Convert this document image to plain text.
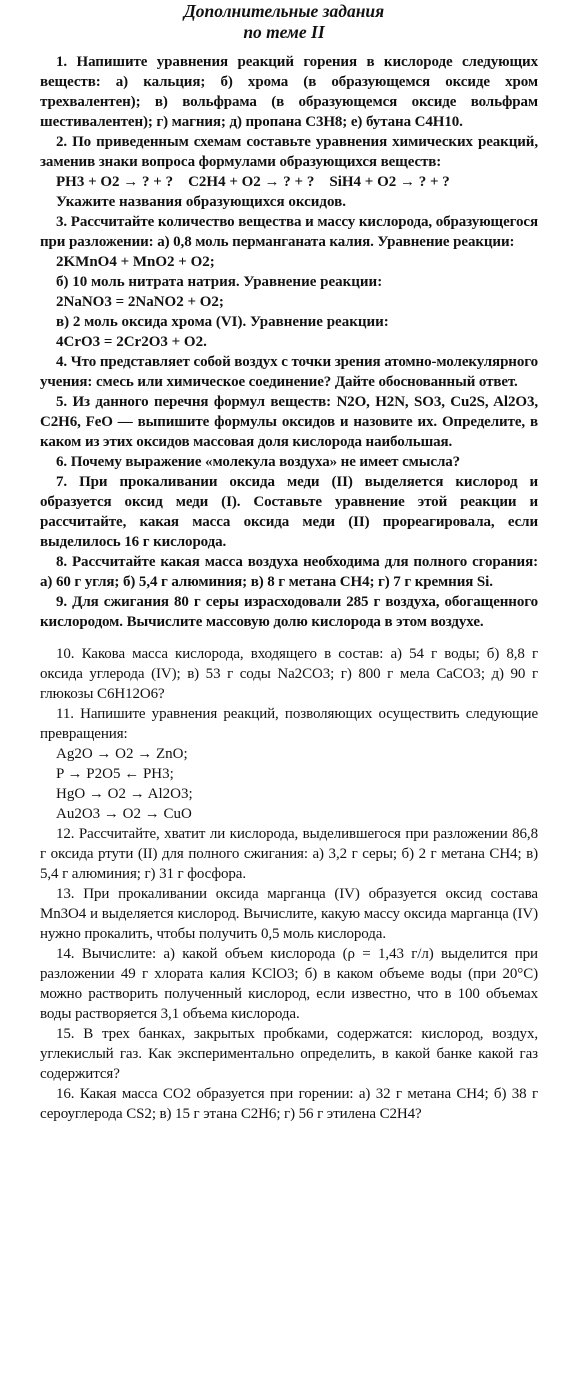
Дополнительные задания
по теме II

1. Напишите уравнения реакций горения в кислороде следующих веществ: а) кальция; б) хрома (в образующемся оксиде хром трехвалентен); в) вольфрама (в образующемся оксиде вольфрам шестивалентен); г) магния; д) пропана C3H8; е) бутана C4H10.

2. По приведенным схемам составьте уравнения химических реакций, заменив знаки вопроса формулами образующихся веществ:

PH3 + O2 → ? + ?    C2H4 + O2 → ? + ?    SiH4 + O2 → ? + ?
Укажите названия образующихся оксидов.

3. Рассчитайте количество вещества и массу кислорода, образующегося при разложении: а) 0,8 моль перманганата калия. Уравнение реакции:

2KMnO4 + MnO2 + O2;
б) 10 моль нитрата натрия. Уравнение реакции:
2NaNO3 = 2NaNO2 + O2;
в) 2 моль оксида хрома (VI). Уравнение реакции:
4CrO3 = 2Cr2O3 + O2.

4. Что представляет собой воздух с точки зрения атомно-молекулярного учения: смесь или химическое соединение? Дайте обоснованный ответ.

5. Из данного перечня формул веществ: N2O, H2N, SO3, Cu2S, Al2O3, C2H6, FeO — выпишите формулы оксидов и назовите их. Определите, в каком из этих оксидов массовая доля кислорода наибольшая.

6. Почему выражение «молекула воздуха» не имеет смысла?

7. При прокаливании оксида меди (II) выделяется кислород и образуется оксид меди (I). Составьте уравнение этой реакции и рассчитайте, какая масса оксида меди (II) прореагировала, если выделилось 16 г кислорода.

8. Рассчитайте какая масса воздуха необходима для полного сгорания: а) 60 г угля; б) 5,4 г алюминия; в) 8 г метана CH4; г) 7 г кремния Si.

9. Для сжигания 80 г серы израсходовали 285 г воздуха, обогащенного кислородом. Вычислите массовую долю кислорода в этом воздухе.

10. Какова масса кислорода, входящего в состав: а) 54 г воды; б) 8,8 г оксида углерода (IV); в) 53 г соды Na2CO3; г) 800 г мела CaCO3; д) 90 г глюкозы C6H12O6?

11. Напишите уравнения реакций, позволяющих осуществить следующие превращения:

Ag2O → O2 → ZnO;
P → P2O5 ← PH3;
HgO → O2 → Al2O3;
Au2O3 → O2 → CuO

12. Рассчитайте, хватит ли кислорода, выделившегося при разложении 86,8 г оксида ртути (II) для полного сжигания: а) 3,2 г серы; б) 2 г метана CH4; в) 5,4 г алюминия; г) 31 г фосфора.

13. При прокаливании оксида марганца (IV) образуется оксид состава Mn3O4 и выделяется кислород. Вычислите, какую массу оксида марганца (IV) нужно прокалить, чтобы получить 0,5 моль кислорода.

14. Вычислите: а) какой объем кислорода (ρ = 1,43 г/л) выделится при разложении 49 г хлората калия KClO3; б) в каком объеме воды (при 20°C) можно растворить полученный кислород, если известно, что в 100 объемах воды растворяется 3,1 объема кислорода.

15. В трех банках, закрытых пробками, содержатся: кислород, воздух, углекислый газ. Как экспериментально определить, в какой банке какой газ содержится?

16. Какая масса CO2 образуется при горении: а) 32 г метана CH4; б) 38 г сероуглерода CS2; в) 15 г этана C2H6; г) 56 г этилена C2H4?
